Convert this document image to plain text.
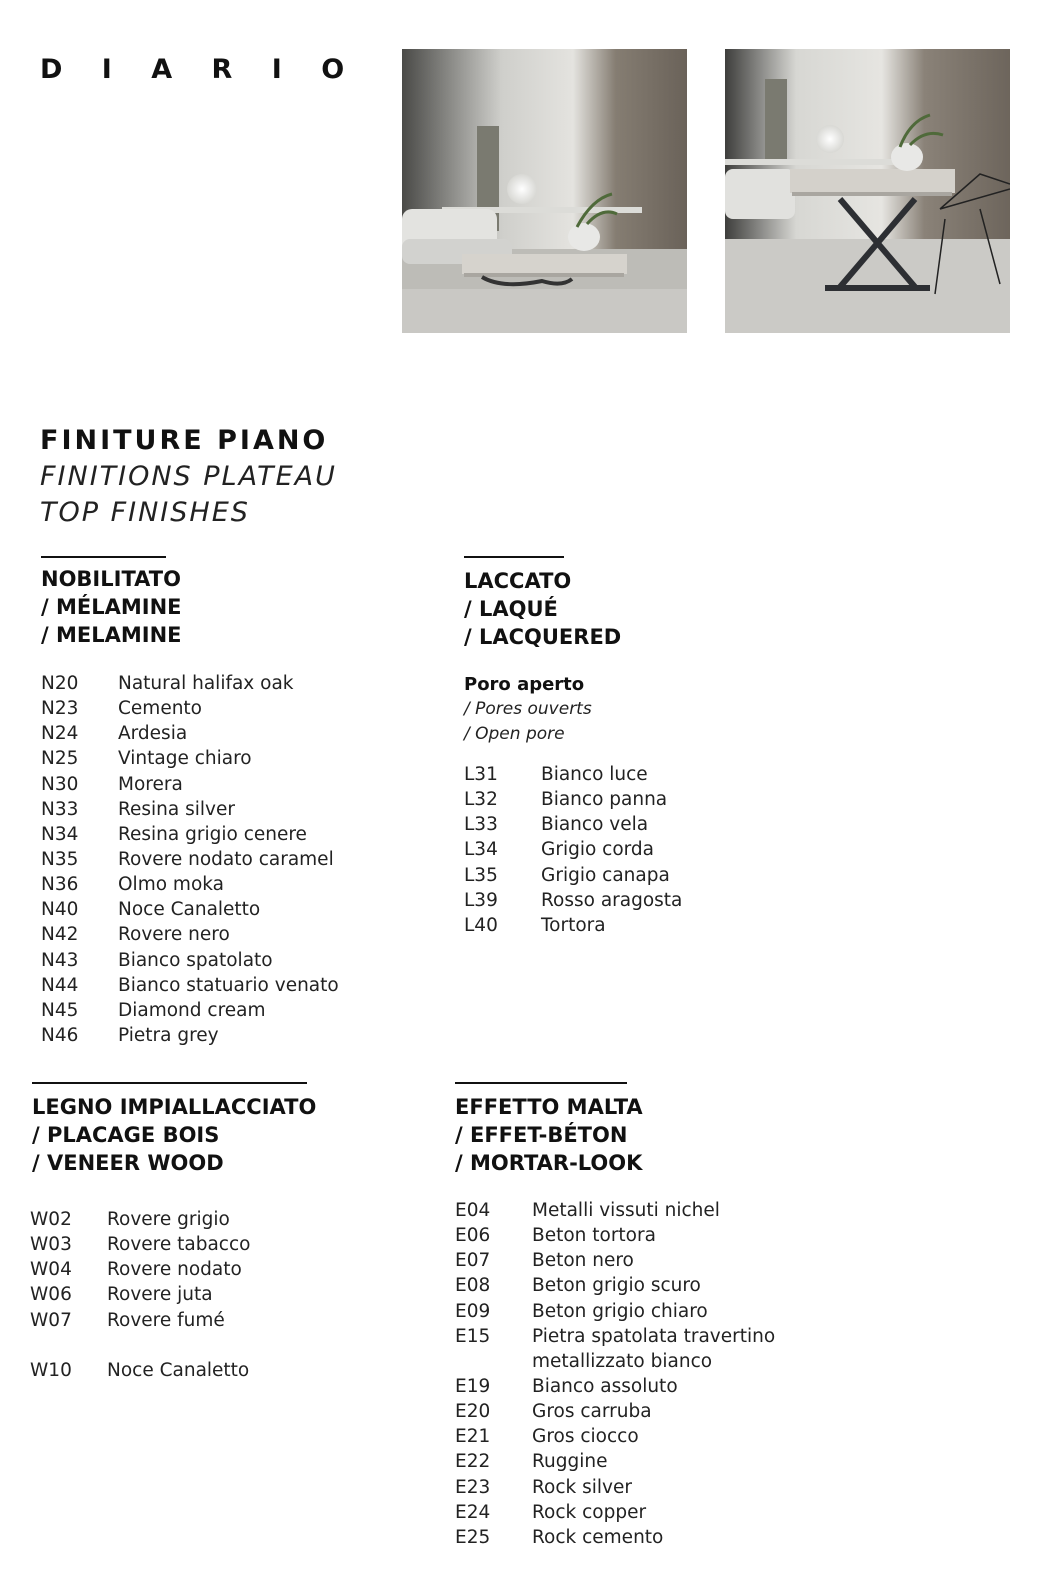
D I A R I O
FINITURE PIANO
FINITIONS PLATEAU
TOP FINISHES
NOBILITATO
/ MÉLAMINE
/ MELAMINE
N20	Natural halifax oak
N23	Cemento
N24	Ardesia
N25	Vintage chiaro
N30	Morera
N33	Resina silver
N34	Resina grigio cenere
N35	Rovere nodato caramel
N36	Olmo moka
N40	Noce Canaletto
N42	Rovere nero
N43	Bianco spatolato
N44	Bianco statuario venato
N45	Diamond cream
N46	Pietra grey
LACCATO
/ LAQUÉ
/ LACQUERED
Poro aperto
/ Pores ouverts
/ Open pore
L31	Bianco luce
L32	Bianco panna
L33	Bianco vela
L34	Grigio corda
L35	Grigio canapa
L39	Rosso aragosta
L40	Tortora
LEGNO IMPIALLACCIATO
/ PLACAGE BOIS
/ VENEER WOOD
W02	Rovere grigio
W03	Rovere tabacco
W04	Rovere nodato
W06	Rovere juta
W07	Rovere fumé
W10	Noce Canaletto
EFFETTO MALTA
/ EFFET-BÉTON
/ MORTAR-LOOK
E04	Metalli vissuti nichel
E06	Beton tortora
E07	Beton nero
E08	Beton grigio scuro
E09	Beton grigio chiaro
E15	Pietra spatolata travertino
metallizzato bianco
E19	Bianco assoluto
E20	Gros carruba
E21	Gros ciocco
E22	Ruggine
E23	Rock silver
E24	Rock copper
E25	Rock cemento
